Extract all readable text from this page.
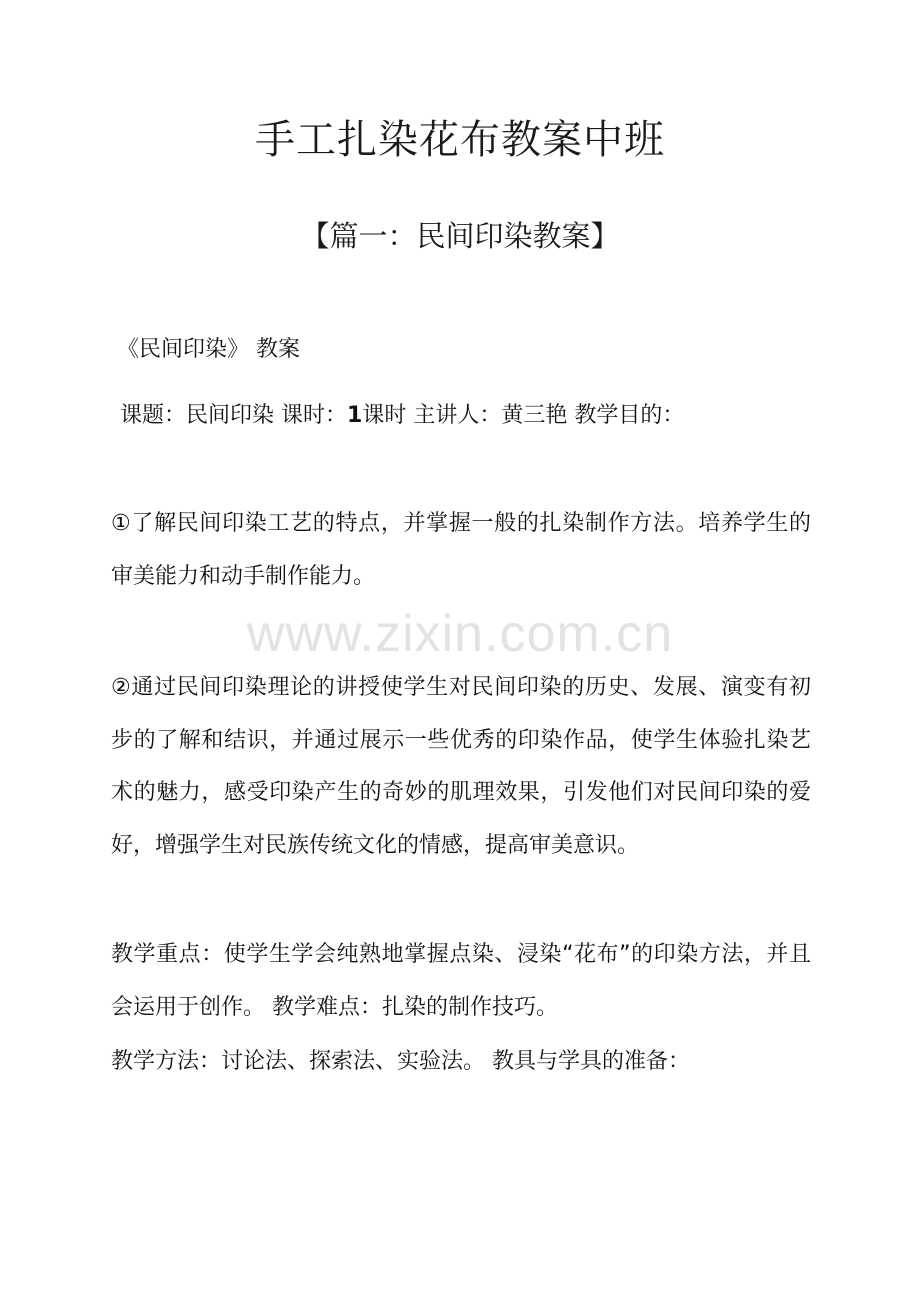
www.zixin.com.cn
手工扎染花布教案中班
【篇一：民间印染教案】
《民间印染》 教案
课题：民间印染 课时：1课时 主讲人：黄三艳 教学目的：
①了解民间印染工艺的特点，并掌握一般的扎染制作方法。培养学生的审美能力和动手制作能力。
②通过民间印染理论的讲授使学生对民间印染的历史、发展、演变有初步的了解和结识，并通过展示一些优秀的印染作品，使学生体验扎染艺术的魅力，感受印染产生的奇妙的肌理效果，引发他们对民间印染的爱好，增强学生对民族传统文化的情感，提高审美意识。
教学重点：使学生学会纯熟地掌握点染、浸染“花布”的印染方法，并且会运用于创作。 教学难点：扎染的制作技巧。
教学方法：讨论法、探索法、实验法。 教具与学具的准备：
